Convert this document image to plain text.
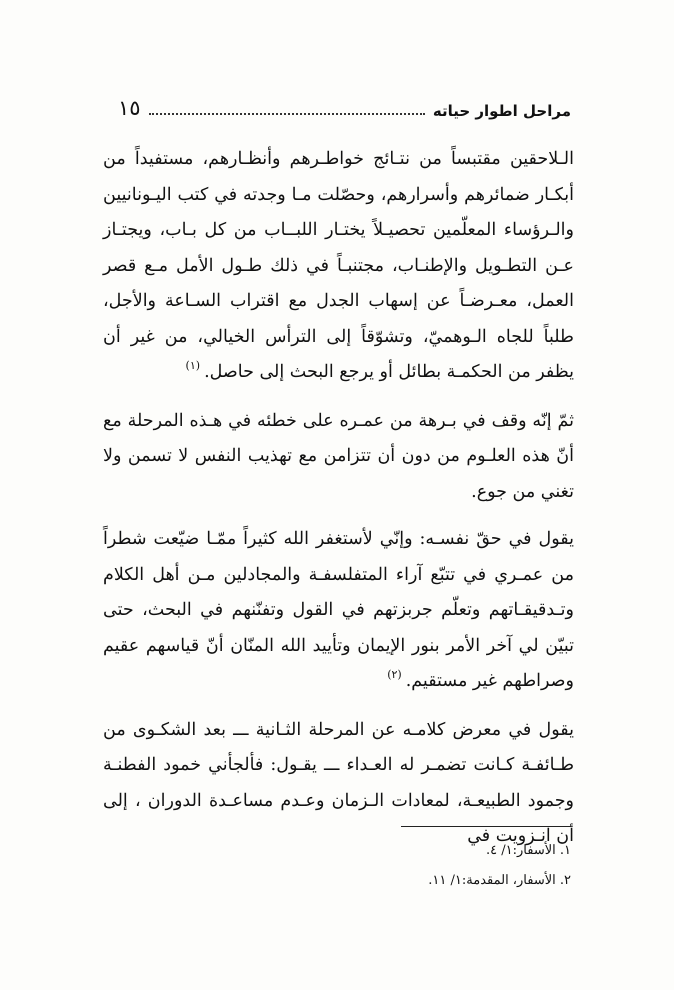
مراحل اطوار حياته
١٥

الـلاحقين مقتبساً من نتـائج خواطـرهم وأنظـارهم، مستفيداً من أبكـار ضمائرهم وأسرارهم، وحصّلت مـا وجدته في كتب اليـونانيين والـرؤساء المعلّمين تحصيـلاً يختـار اللبــاب من كل بـاب، ويجتـاز عـن التطـويل والإطنـاب، مجتنبـاً في ذلك طـول الأمل مـع قصر العمل، معـرضـاً عن إسهاب الجدل مع اقتراب السـاعة والأجل، طلباً للجاه الـوهميّ، وتشوّقاً إلى الترأس الخيالي، من غير أن يظفر من الحكمـة بطائل أو يرجع البحث إلى حاصل.$^{(١)}$

ثمّ إنّه وقف في بـرهة من عمـره على خطئه في هـذه المرحلة مع أنّ هذه العلـوم من دون أن تتزامن مع تهذيب النفس لا تسمن ولا تغني من جوع.

يقول في حقّ نفسـه: وإنّي لأستغفر الله كثيراً ممّـا ضيّعت شطراً من عمـري في تتبّع آراء المتفلسفـة والمجادلين مـن أهل الكلام وتـدقيقـاتهم وتعلّم جربزتهم في القول وتفنّنهم في البحث، حتى تبيّن لي آخر الأمر بنور الإيمان وتأييد الله المنّان أنّ قياسهم عقيم وصراطهم غير مستقيم.$^{(٢)}$

يقول في معرض كلامـه عن المرحلة الثـانية ـــ بعد الشكـوى من طـائفـة كـانت تضمـر له العـداء ـــ يقـول: فألجأني خمود الفطنـة وجمود الطبيعـة، لمعادات الـزمان وعـدم مساعـدة الدوران ، إلى أن انـزويت في

١. الأسفار:١/ ٤.
٢. الأسفار، المقدمة:١/ ١١.
